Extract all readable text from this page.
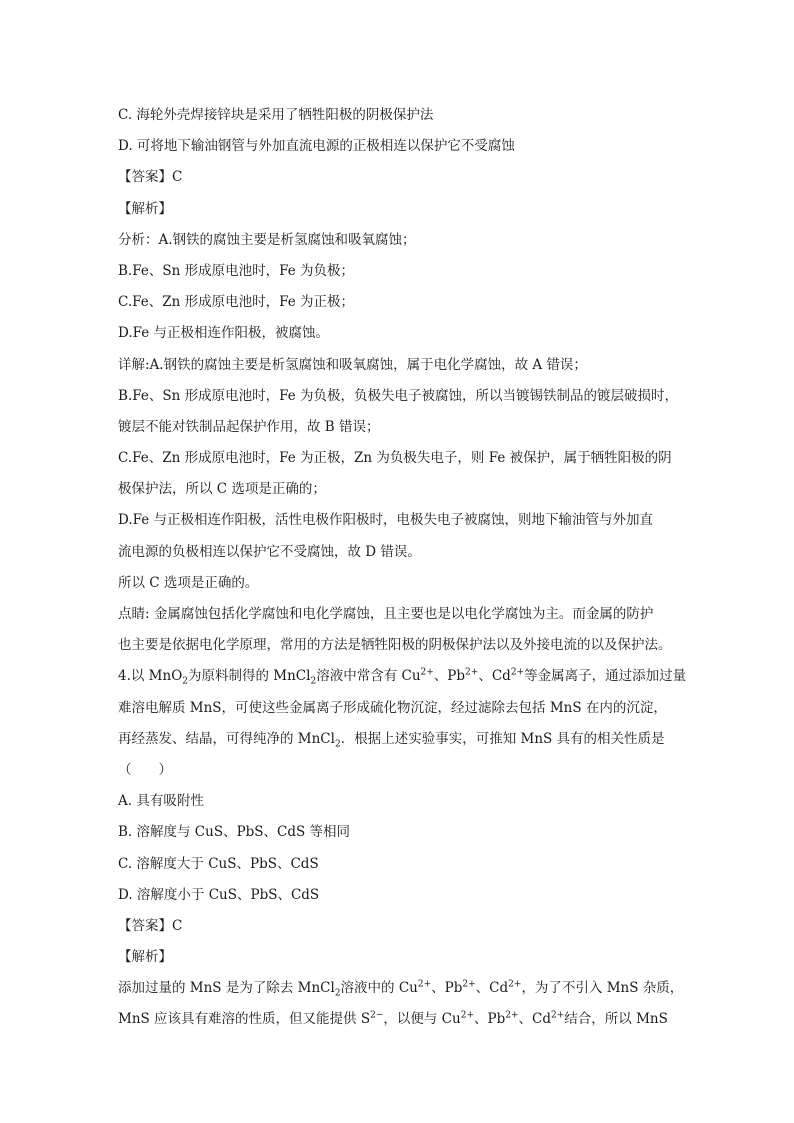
C. 海轮外壳焊接锌块是采用了牺牲阳极的阴极保护法
D. 可将地下输油钢管与外加直流电源的正极相连以保护它不受腐蚀
【答案】C
【解析】
分析：A.钢铁的腐蚀主要是析氢腐蚀和吸氧腐蚀；
B.Fe、Sn 形成原电池时，Fe 为负极；
C.Fe、Zn 形成原电池时，Fe 为正极；
D.Fe 与正极相连作阳极，被腐蚀。
详解:A.钢铁的腐蚀主要是析氢腐蚀和吸氧腐蚀，属于电化学腐蚀，故 A 错误；
B.Fe、Sn 形成原电池时，Fe 为负极，负极失电子被腐蚀，所以当镀锡铁制品的镀层破损时，
镀层不能对铁制品起保护作用，故 B 错误；
C.Fe、Zn 形成原电池时，Fe 为正极，Zn 为负极失电子，则 Fe 被保护，属于牺牲阳极的阴
极保护法，所以 C 选项是正确的；
D.Fe 与正极相连作阳极，活性电极作阳极时，电极失电子被腐蚀，则地下输油管与外加直
流电源的负极相连以保护它不受腐蚀，故 D 错误。
所以 C 选项是正确的。
点睛: 金属腐蚀包括化学腐蚀和电化学腐蚀，且主要也是以电化学腐蚀为主。而金属的防护
也主要是依据电化学原理，常用的方法是牺牲阳极的阴极保护法以及外接电流的以及保护法。
4.以 MnO$_2$为原料制得的 MnCl$_2$溶液中常含有 $Cu^{2+}$、$Pb^{2+}$、$Cd^{2+}$等金属离子，通过添加过量
难溶电解质 MnS，可使这些金属离子形成硫化物沉淀，经过滤除去包括 MnS 在内的沉淀，
再经蒸发、结晶，可得纯净的 MnCl$_2$．根据上述实验事实，可推知 MnS 具有的相关性质是
（　　）
A. 具有吸附性
B. 溶解度与 CuS、PbS、CdS 等相同
C. 溶解度大于 CuS、PbS、CdS
D. 溶解度小于 CuS、PbS、CdS
【答案】C
【解析】
添加过量的 MnS 是为了除去 MnCl$_2$溶液中的 $Cu^{2+}$、$Pb^{2+}$、$Cd^{2+}$，为了不引入 MnS 杂质，
MnS 应该具有难溶的性质，但又能提供 $S^{2-}$，以便与 $Cu^{2+}$、$Pb^{2+}$、$Cd^{2+}$结合，所以 MnS
